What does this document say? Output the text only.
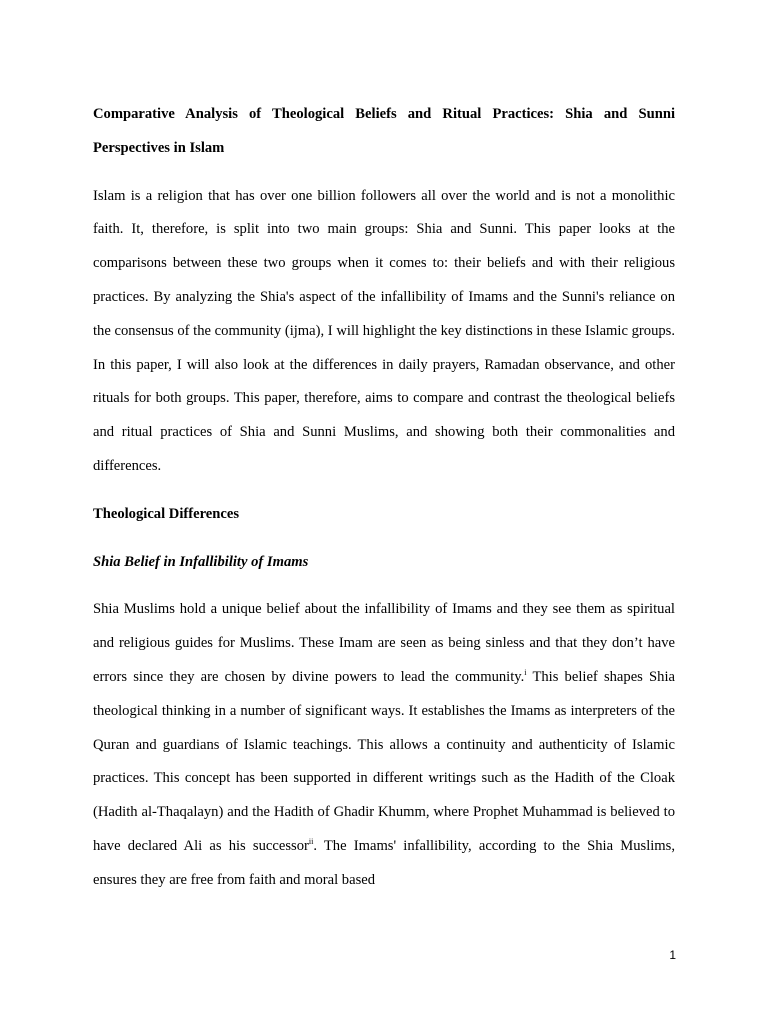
Comparative Analysis of Theological Beliefs and Ritual Practices: Shia and Sunni Perspectives in Islam

Islam is a religion that has over one billion followers all over the world and is not a monolithic faith. It, therefore, is split into two main groups: Shia and Sunni. This paper looks at the comparisons between these two groups when it comes to: their beliefs and with their religious practices. By analyzing the Shia's aspect of the infallibility of Imams and the Sunni's reliance on the consensus of the community (ijma), I will highlight the key distinctions in these Islamic groups. In this paper, I will also look at the differences in daily prayers, Ramadan observance, and other rituals for both groups. This paper, therefore, aims to compare and contrast the theological beliefs and ritual practices of Shia and Sunni Muslims, and showing both their commonalities and differences.

Theological Differences

Shia Belief in Infallibility of Imams

Shia Muslims hold a unique belief about the infallibility of Imams and they see them as spiritual and religious guides for Muslims. These Imam are seen as being sinless and that they don’t have errors since they are chosen by divine powers to lead the community.$^i$ This belief shapes Shia theological thinking in a number of significant ways. It establishes the Imams as interpreters of the Quran and guardians of Islamic teachings. This allows a continuity and authenticity of Islamic practices. This concept has been supported in different writings such as the Hadith of the Cloak (Hadith al-Thaqalayn) and the Hadith of Ghadir Khumm, where Prophet Muhammad is believed to have declared Ali as his successor$^{ii}$. The Imams' infallibility, according to the Shia Muslims, ensures they are free from faith and moral based

1
